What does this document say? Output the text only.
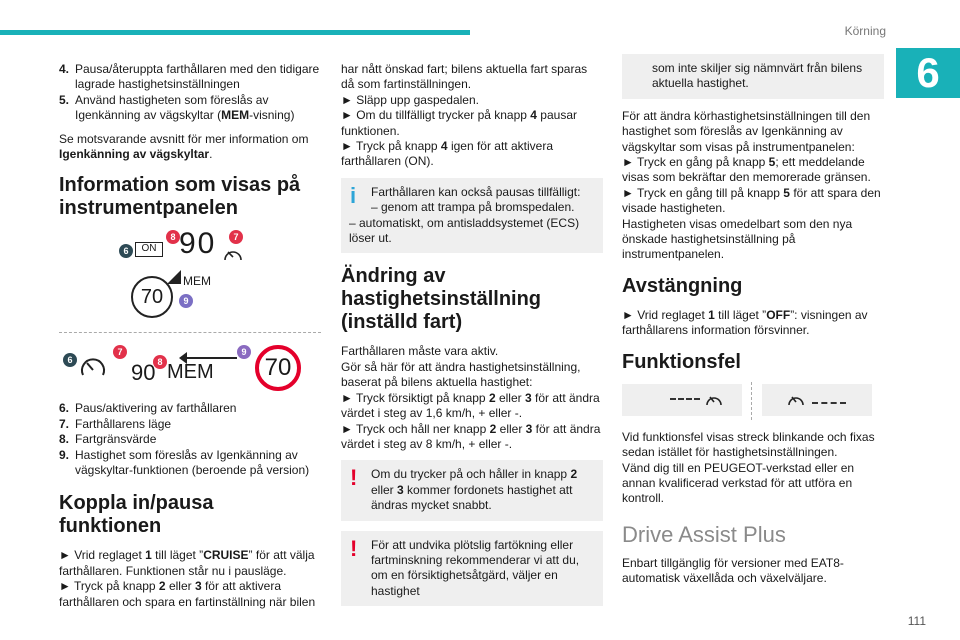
Körning
6
4. Pausa/återuppta farthållaren med den tidigare lagrade hastighetsinställningen
5. Använd hastigheten som föreslås av Igenkänning av vägskyltar (MEM-visning)

Se motsvarande avsnitt för mer information om Igenkänning av vägskyltar.

Information som visas på instrumentpanelen
6	ON
8	7
90
MEM
70	9
6
7
8
90 MEM
9
70
6. Paus/aktivering av farthållaren
7. Farthållarens läge
8. Fartgränsvärde
9. Hastighet som föreslås av Igenkänning av vägskyltar-funktionen (beroende på version)
Koppla in/pausa funktionen

► Vrid reglaget 1 till läget ”CRUISE” för att välja farthållaren. Funktionen står nu i pausläge.

► Tryck på knapp 2 eller 3 för att aktivera farthållaren och spara en fartinställning när bilen

har nått önskad fart; bilens aktuella fart sparas då som fartinställningen.

► Släpp upp gaspedalen.

► Om du tillfälligt trycker på knapp 4 pausar funktionen.

► Tryck på knapp 4 igen för att aktivera farthållaren (ON).

i	Farthållaren kan också pausas tillfälligt:
– genom att trampa på bromspedalen.
– automatiskt, om antisladdsystemet (ECS) löser ut.
Ändring av hastighetsinställning (inställd fart)

Farthållaren måste vara aktiv.

Gör så här för att ändra hastighetsinställning, baserat på bilens aktuella hastighet:

► Tryck försiktigt på knapp 2 eller 3 för att ändra värdet i steg av 1,6 km/h, + eller -.

► Tryck och håll ner knapp 2 eller 3 för att ändra värdet i steg av 8 km/h, + eller -.

!	Om du trycker på och håller in knapp 2 eller 3 kommer fordonets hastighet att ändras mycket snabbt.
!	För att undvika plötslig fartökning eller fartminskning rekommenderar vi att du, om en försiktighetsåtgärd, väljer en hastighet
som inte skiljer sig nämnvärt från bilens aktuella hastighet.

För att ändra körhastighetsinställningen till den hastighet som föreslås av Igenkänning av vägskyltar som visas på instrumentpanelen:

► Tryck en gång på knapp 5; ett meddelande visas som bekräftar den memorerade gränsen.

► Tryck en gång till på knapp 5 för att spara den visade hastigheten.

Hastigheten visas omedelbart som den nya önskade hastighetsinställning på instrumentpanelen.

Avstängning

► Vrid reglaget 1 till läget ”OFF”: visningen av farthållarens information försvinner.

Funktionsfel

Vid funktionsfel visas streck blinkande och fixas sedan istället för hastighetsinställningen.

Vänd dig till en PEUGEOT-verkstad eller en annan kvalificerad verkstad för att utföra en kontroll.

Drive Assist Plus

Enbart tillgänglig för versioner med EAT8-automatisk växellåda och växelväljare.

111
